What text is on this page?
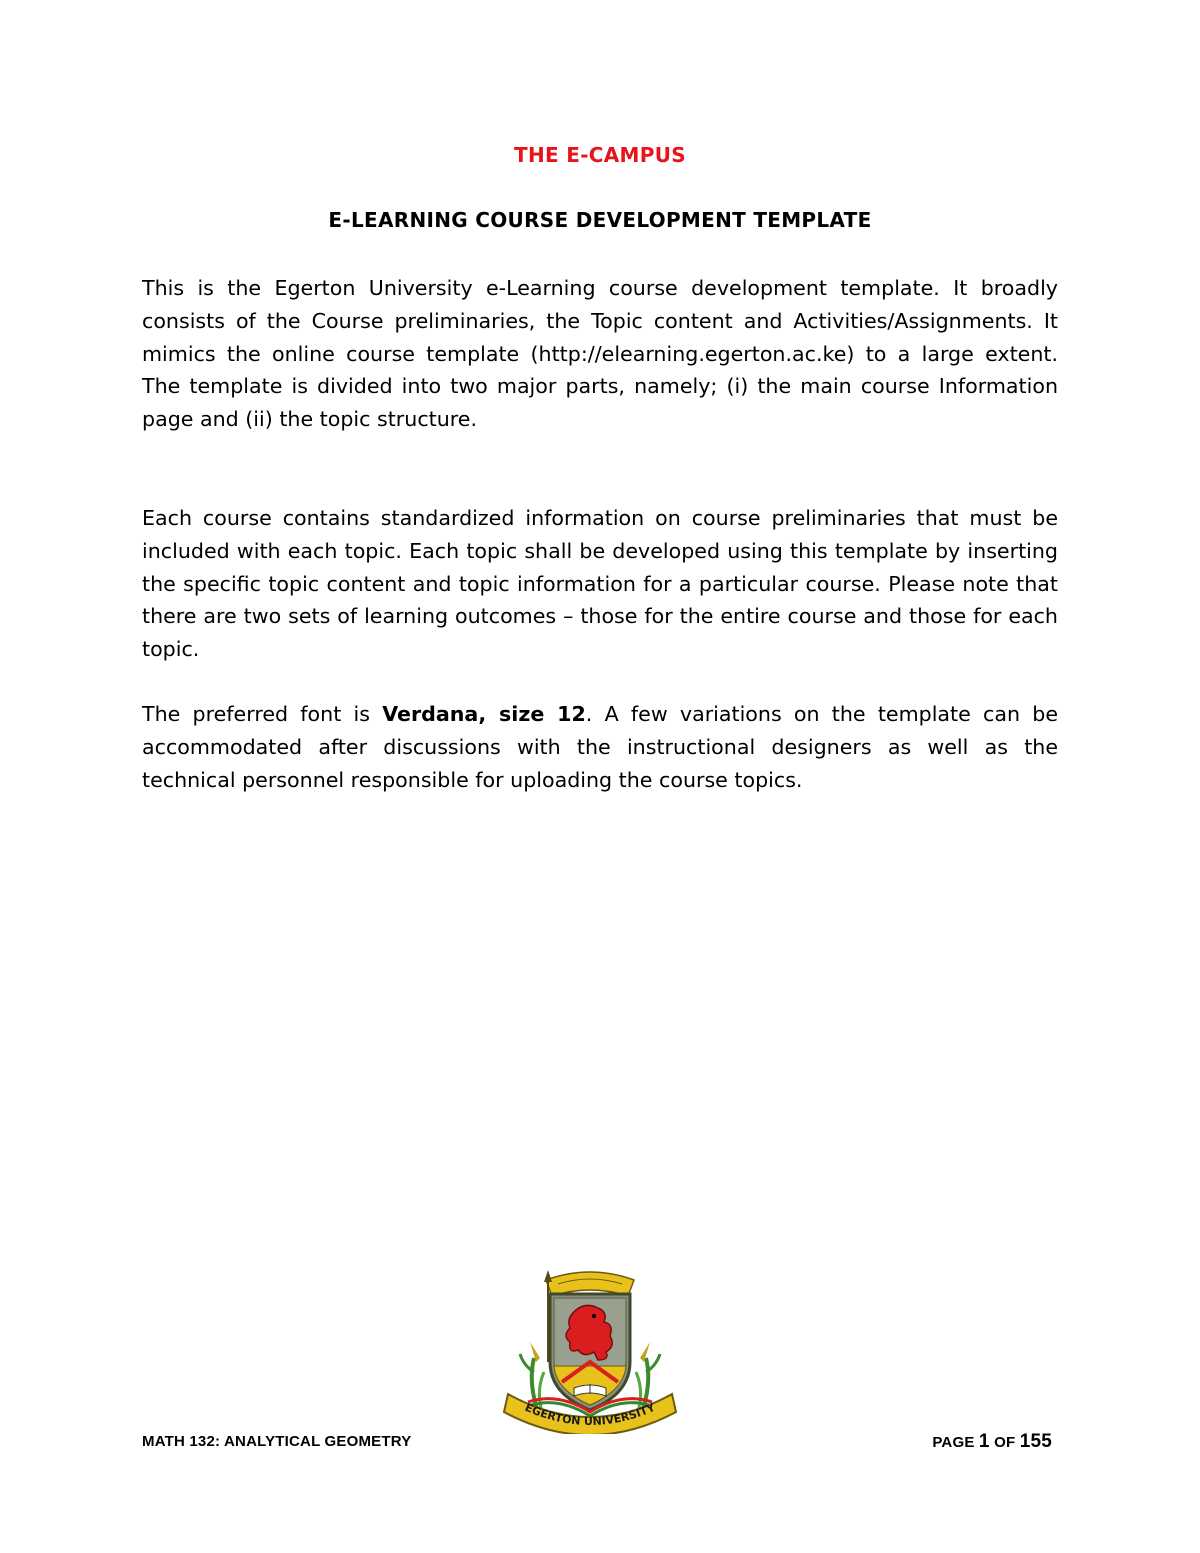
THE E-CAMPUS
E-LEARNING COURSE DEVELOPMENT TEMPLATE

This is the Egerton University e-Learning course development template. It broadly consists of the Course preliminaries, the Topic content and Activities/Assignments. It mimics the online course template (http://elearning.egerton.ac.ke) to a large extent. The template is divided into two major parts, namely; (i) the main course Information page and (ii) the topic structure.

Each course contains standardized information on course preliminaries that must be included with each topic. Each topic shall be developed using this template by inserting the specific topic content and topic information for a particular course. Please note that there are two sets of learning outcomes – those for the entire course and those for each topic.

The preferred font is Verdana, size 12. A few variations on the template can be accommodated after discussions with the instructional designers as well as the technical personnel responsible for uploading the course topics.

EGERTON UNIVERSITY
MATH 132: ANALYTICAL GEOMETRY	PAGE 1 OF 155
